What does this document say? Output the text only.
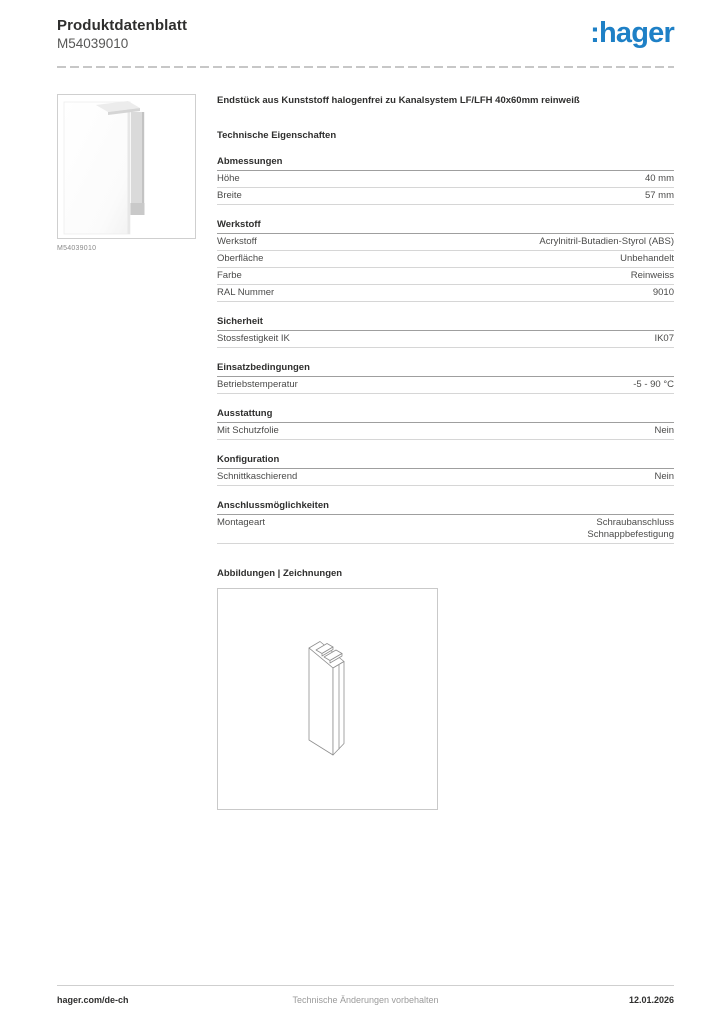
Produktdatenblatt
M54039010	:hager
M54039010

Endstück aus Kunststoff halogenfrei zu Kanalsystem LF/LFH 40x60mm reinweiß

Technische Eigenschaften
Abmessungen
Höhe	40 mm
Breite	57 mm
Werkstoff
Werkstoff	Acrylnitril-Butadien-Styrol (ABS)
Oberfläche	Unbehandelt
Farbe	Reinweiss
RAL Nummer	9010
Sicherheit
Stossfestigkeit IK	IK07
Einsatzbedingungen
Betriebstemperatur	-5 - 90 °C
Ausstattung
Mit Schutzfolie	Nein
Konfiguration
Schnittkaschierend	Nein
Anschlussmöglichkeiten
Montageart	Schraubanschluss
Schnappbefestigung
Abbildungen | Zeichnungen
hager.com/de-ch	Technische Änderungen vorbehalten	12.01.2026
